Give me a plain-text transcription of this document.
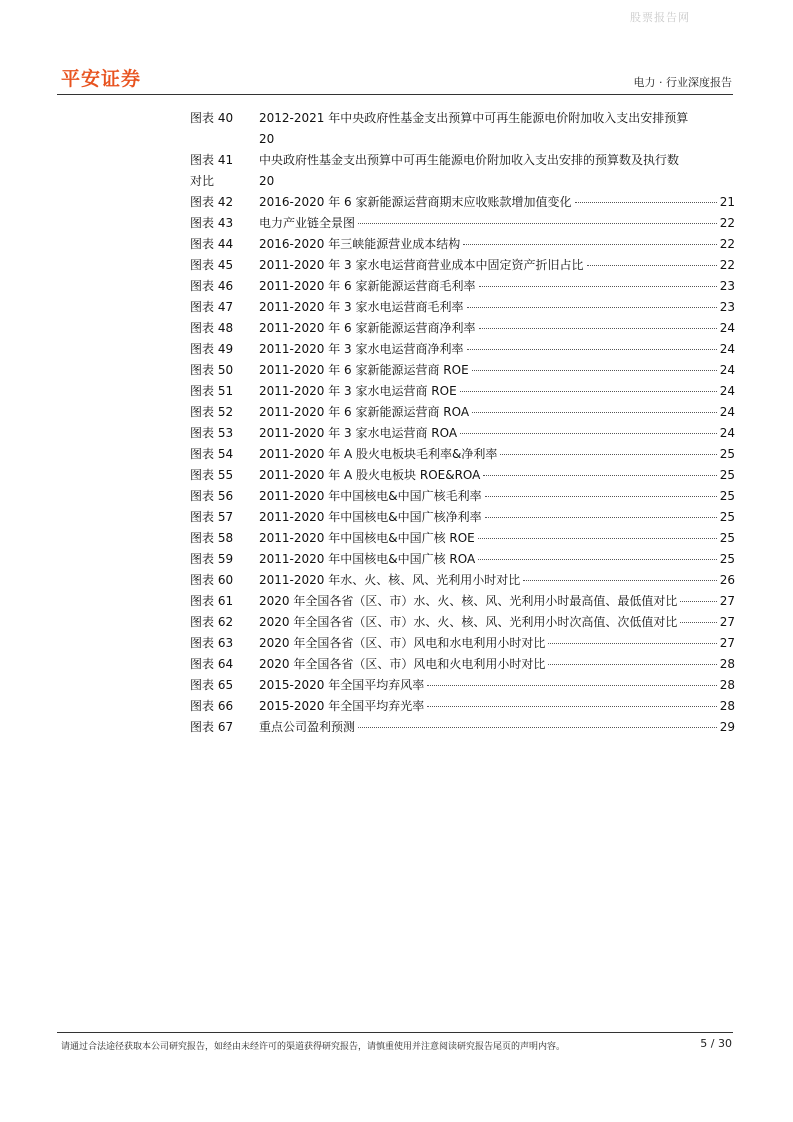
股票报告网
平安证券	电力 · 行业深度报告
图表 40	2012-2021 年中央政府性基金支出预算中可再生能源电价附加收入支出安排预算
20
图表 41	中央政府性基金支出预算中可再生能源电价附加收入支出安排的预算数及执行数
对比	20
图表 42	2016-2020 年 6 家新能源运营商期末应收账款增加值变化	21
图表 43	电力产业链全景图	22
图表 44	2016-2020 年三峡能源营业成本结构	22
图表 45	2011-2020 年 3 家水电运营商营业成本中固定资产折旧占比	22
图表 46	2011-2020 年 6 家新能源运营商毛利率	23
图表 47	2011-2020 年 3 家水电运营商毛利率	23
图表 48	2011-2020 年 6 家新能源运营商净利率	24
图表 49	2011-2020 年 3 家水电运营商净利率	24
图表 50	2011-2020 年 6 家新能源运营商 ROE	24
图表 51	2011-2020 年 3 家水电运营商 ROE	24
图表 52	2011-2020 年 6 家新能源运营商 ROA	24
图表 53	2011-2020 年 3 家水电运营商 ROA	24
图表 54	2011-2020 年 A 股火电板块毛利率&净利率	25
图表 55	2011-2020 年 A 股火电板块 ROE&ROA	25
图表 56	2011-2020 年中国核电&中国广核毛利率	25
图表 57	2011-2020 年中国核电&中国广核净利率	25
图表 58	2011-2020 年中国核电&中国广核 ROE	25
图表 59	2011-2020 年中国核电&中国广核 ROA	25
图表 60	2011-2020 年水、火、核、风、光利用小时对比	26
图表 61	2020 年全国各省（区、市）水、火、核、风、光利用小时最高值、最低值对比	27
图表 62	2020 年全国各省（区、市）水、火、核、风、光利用小时次高值、次低值对比	27
图表 63	2020 年全国各省（区、市）风电和水电利用小时对比	27
图表 64	2020 年全国各省（区、市）风电和火电利用小时对比	28
图表 65	2015-2020 年全国平均弃风率	28
图表 66	2015-2020 年全国平均弃光率	28
图表 67	重点公司盈利预测	29
请通过合法途径获取本公司研究报告，如经由未经许可的渠道获得研究报告，请慎重使用并注意阅读研究报告尾页的声明内容。	5 / 30
